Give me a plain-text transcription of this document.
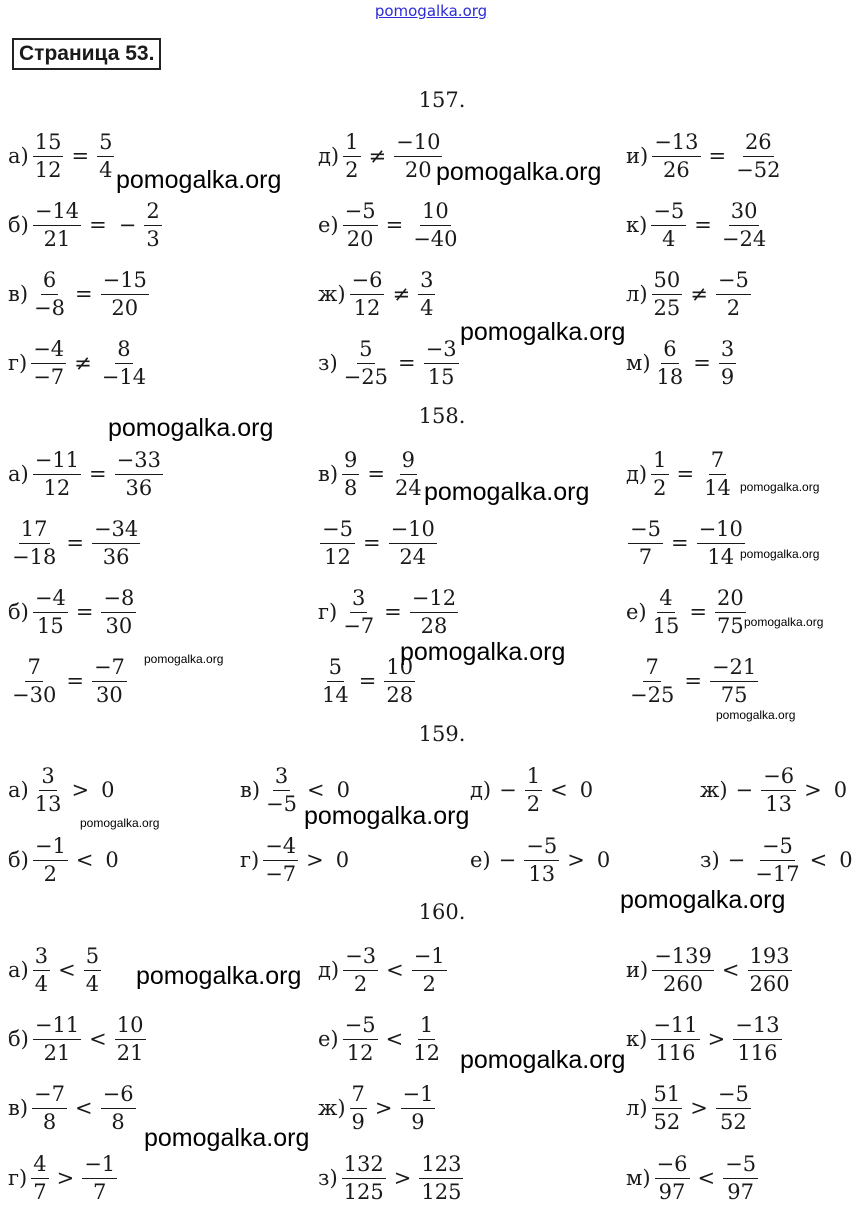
pomogalka.org
Страница 53.
157.
$а) \frac{15}{12} = \frac{5}{4}$
$б) \frac{-14}{21}$ = − $\frac{2}{3}$
$в) \frac{6}{-8} = \frac{-15}{20}$
$г) \frac{-4}{-7} \ne \frac{8}{-14}$
$д) \frac{1}{2} \ne \frac{-10}{20}$
$е) \frac{-5}{20} = \frac{10}{-40}$
$ж) \frac{-6}{12} \ne \frac{3}{4}$
$з) \frac{5}{-25} = \frac{-3}{15}$
$и) \frac{-13}{26} = \frac{26}{-52}$
$к) \frac{-5}{4} = \frac{30}{-24}$
$л) \frac{50}{25} \ne \frac{-5}{2}$
$м) \frac{6}{18} = \frac{3}{9}$
158.
$а) \frac{-11}{12} = \frac{-33}{36}$
$\frac{17}{-18} = \frac{-34}{36}$
$б) \frac{-4}{15} = \frac{-8}{30}$
$\frac{7}{-30} = \frac{-7}{30}$
$в) \frac{9}{8} = \frac{9}{24}$
$\frac{-5}{12} = \frac{-10}{24}$
$г) \frac{3}{-7} = \frac{-12}{28}$
$\frac{5}{14} = \frac{10}{28}$
$д) \frac{1}{2} = \frac{7}{14}$
$\frac{-5}{7} = \frac{-10}{14}$
$е) \frac{4}{15} = \frac{20}{75}$
$\frac{7}{-25} = \frac{-21}{75}$
159.
$а) \frac{3}{13} > 0$
$б) \frac{-1}{2} < 0$
$в) \frac{3}{-5} < 0$
$г) \frac{-4}{-7} > 0$
$д) - \frac{1}{2} < 0$
$е) - \frac{-5}{13} > 0$
$ж) - \frac{-6}{13} > 0$
$з) - \frac{-5}{-17} < 0$
160.
$а) \frac{3}{4} < \frac{5}{4}$
$б) \frac{-11}{21} < \frac{10}{21}$
$в) \frac{-7}{8} < \frac{-6}{8}$
$г) \frac{4}{7} > \frac{-1}{7}$
$д) \frac{-3}{2} < \frac{-1}{2}$
$е) \frac{-5}{12} < \frac{1}{12}$
$ж) \frac{7}{9} > \frac{-1}{9}$
$з) \frac{132}{125} > \frac{123}{125}$
$и) \frac{-139}{260} < \frac{193}{260}$
$к) \frac{-11}{116} > \frac{-13}{116}$
$л) \frac{51}{52} > \frac{-5}{52}$
$м) \frac{-6}{97} < \frac{-5}{97}$
pomogalka.org	pomogalka.org
pomogalka.org
pomogalka.org
pomogalka.org	pomogalka.org
pomogalka.org
pomogalka.org
pomogalka.org	pomogalka.org
pomogalka.org
pomogalka.org	pomogalka.org
pomogalka.org
pomogalka.org
pomogalka.org
pomogalka.org
